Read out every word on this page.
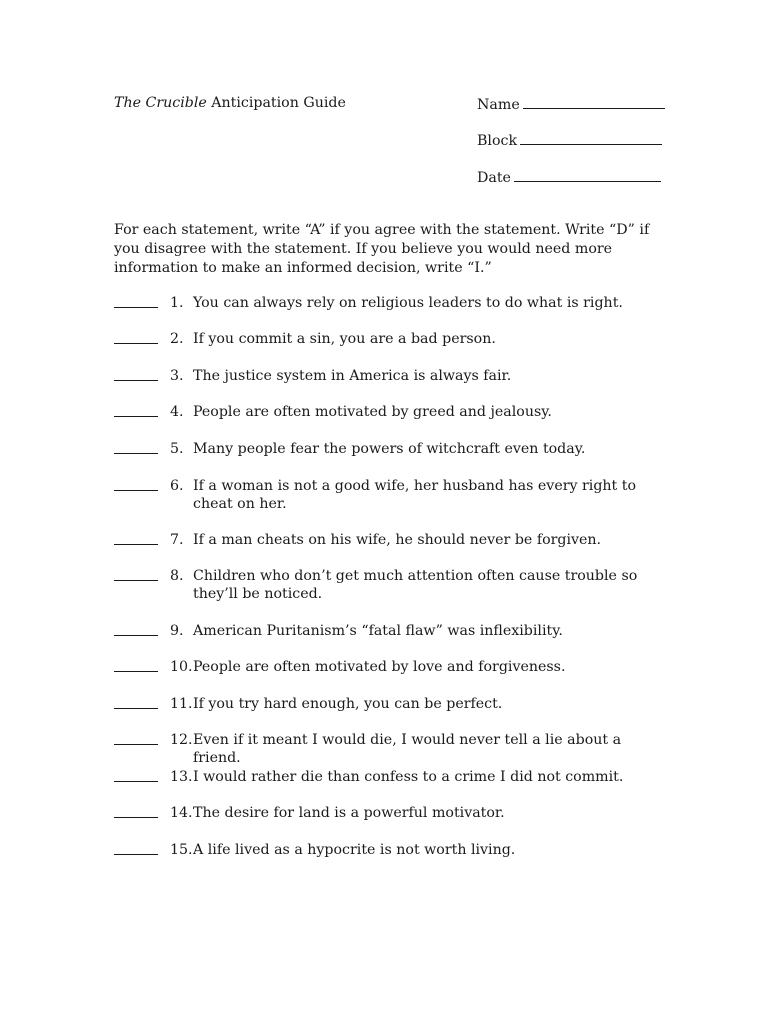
The Crucible Anticipation Guide	Name
Block
Date
For each statement, write “A” if you agree with the statement. Write “D” if you disagree with the statement. If you believe you would need more information to make an informed decision, write “I.”
1. You can always rely on religious leaders to do what is right.
2. If you commit a sin, you are a bad person.
3. The justice system in America is always fair.
4. People are often motivated by greed and jealousy.
5. Many people fear the powers of witchcraft even today.
6. If a woman is not a good wife, her husband has every right to cheat on her.
7. If a man cheats on his wife, he should never be forgiven.
8. Children who don’t get much attention often cause trouble so they’ll be noticed.
9. American Puritanism’s “fatal flaw” was inflexibility.
10. People are often motivated by love and forgiveness.
11. If you try hard enough, you can be perfect.
12. Even if it meant I would die, I would never tell a lie about a friend.
13. I would rather die than confess to a crime I did not commit.
14. The desire for land is a powerful motivator.
15. A life lived as a hypocrite is not worth living.
